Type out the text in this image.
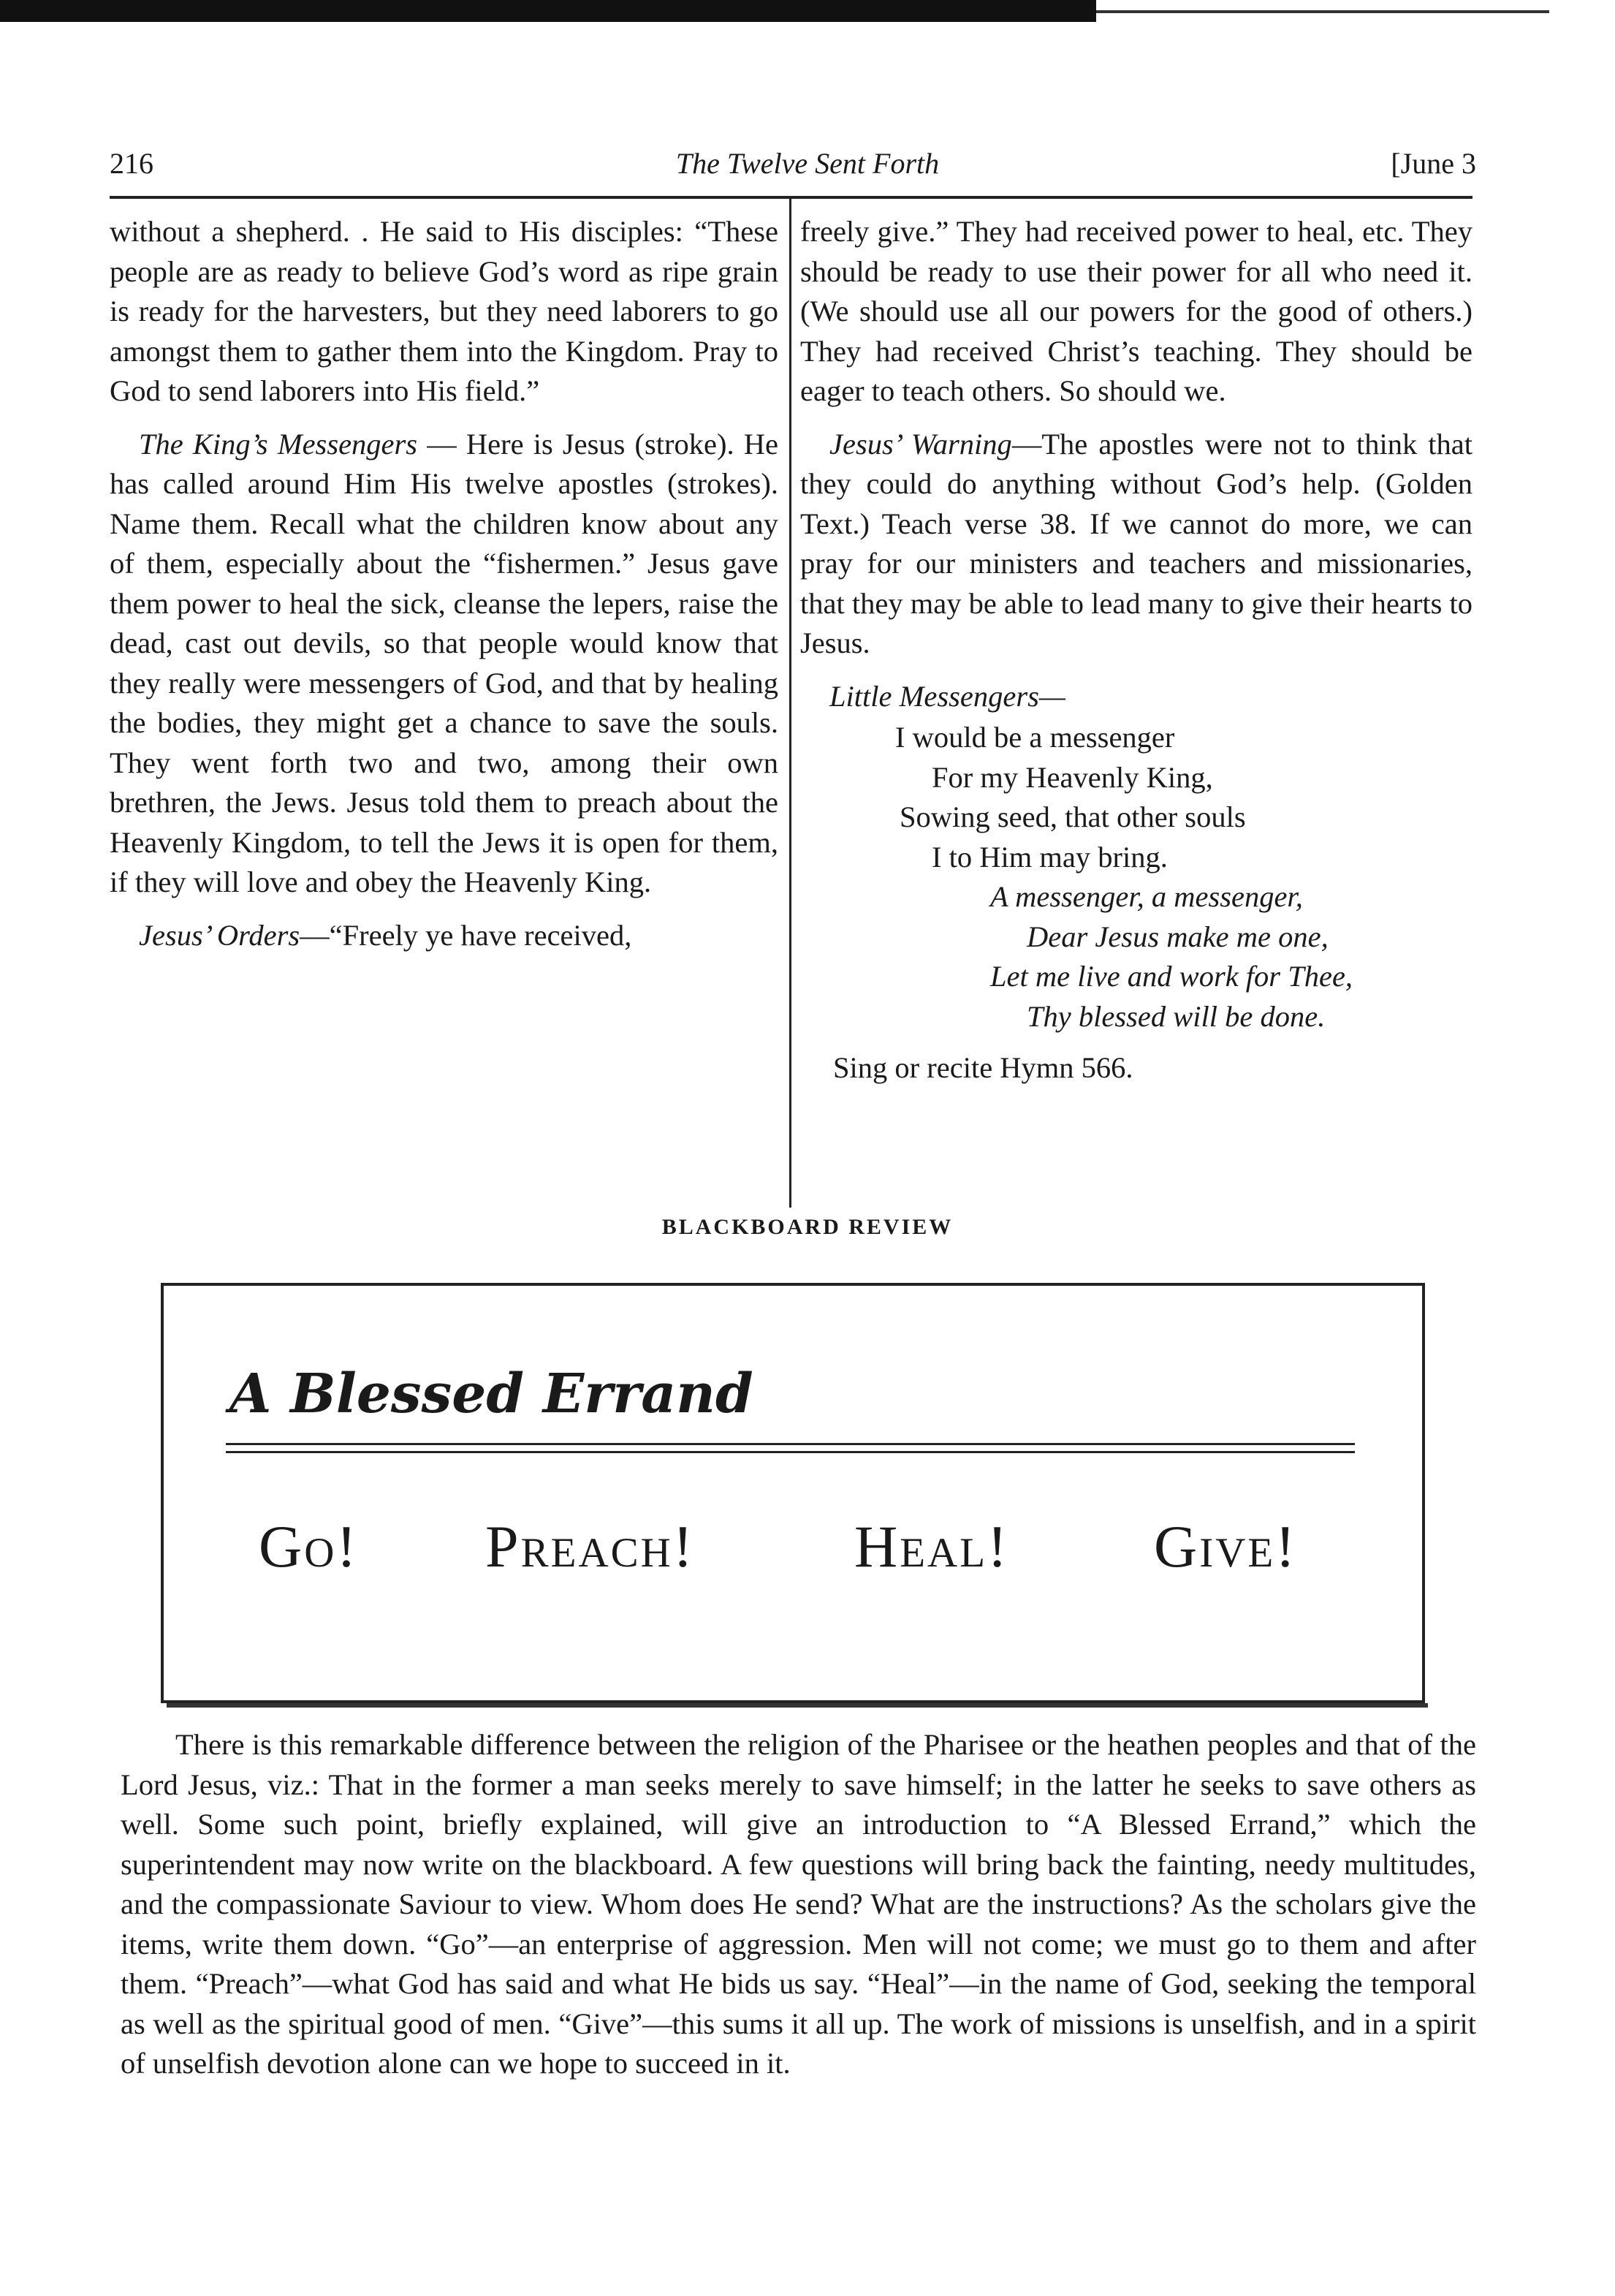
216	The Twelve Sent Forth	[June 3

without a shepherd. . He said to His disciples: “These people are as ready to believe God’s word as ripe grain is ready for the harvesters, but they need laborers to go amongst them to gather them into the Kingdom. Pray to God to send laborers into His field.”

The King’s Messengers — Here is Jesus (stroke). He has called around Him His twelve apostles (strokes). Name them. Recall what the children know about any of them, especially about the “fishermen.” Jesus gave them power to heal the sick, cleanse the lepers, raise the dead, cast out devils, so that people would know that they really were messengers of God, and that by healing the bodies, they might get a chance to save the souls. They went forth two and two, among their own brethren, the Jews. Jesus told them to preach about the Heavenly Kingdom, to tell the Jews it is open for them, if they will love and obey the Heavenly King.

Jesus’ Orders—“Freely ye have received,

freely give.” They had received power to heal, etc. They should be ready to use their power for all who need it. (We should use all our powers for the good of others.) They had received Christ’s teaching. They should be eager to teach others. So should we.

Jesus’ Warning—The apostles were not to think that they could do anything without God’s help. (Golden Text.) Teach verse 38. If we cannot do more, we can pray for our ministers and teachers and missionaries, that they may be able to lead many to give their hearts to Jesus.

Little Messengers—

I would be a messenger
For my Heavenly King,
Sowing seed, that other souls
I to Him may bring.
A messenger, a messenger,
Dear Jesus make me one,
Let me live and work for Thee,
Thy blessed will be done.

Sing or recite Hymn 566.

BLACKBOARD REVIEW
A Blessed Errand
Go! Preach!	Heal! Give!

There is this remarkable difference between the religion of the Pharisee or the heathen peoples and that of the Lord Jesus, viz.: That in the former a man seeks merely to save himself; in the latter he seeks to save others as well. Some such point, briefly explained, will give an introduction to “A Blessed Errand,” which the superintendent may now write on the blackboard. A few questions will bring back the fainting, needy multitudes, and the compassionate Saviour to view. Whom does He send? What are the instructions? As the scholars give the items, write them down. “Go”—an enterprise of aggression. Men will not come; we must go to them and after them. “Preach”—what God has said and what He bids us say. “Heal”—in the name of God, seeking the temporal as well as the spiritual good of men. “Give”—this sums it all up. The work of missions is unselfish, and in a spirit of unselfish devotion alone can we hope to succeed in it.
